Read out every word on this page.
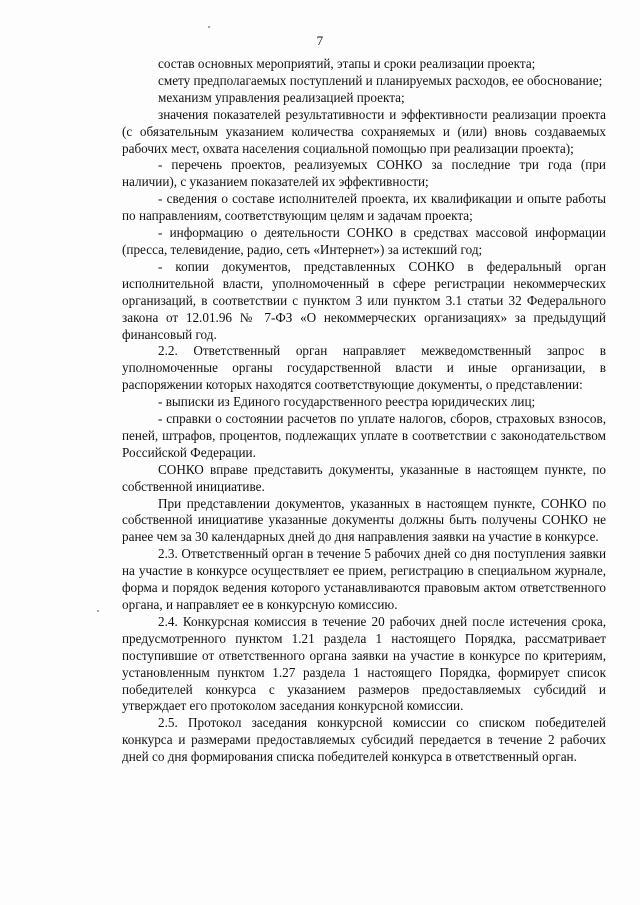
7

состав основных мероприятий, этапы и сроки реализации проекта;

смету предполагаемых поступлений и планируемых расходов, ее обоснование;

механизм управления реализацией проекта;

значения показателей результативности и эффективности реализации проекта (с обязательным указанием количества сохраняемых и (или) вновь создаваемых рабочих мест, охвата населения социальной помощью при реализации проекта);

- перечень проектов, реализуемых СОНКО за последние три года (при наличии), с указанием показателей их эффективности;

- сведения о составе исполнителей проекта, их квалификации и опыте работы по направлениям, соответствующим целям и задачам проекта;

- информацию о деятельности СОНКО в средствах массовой информации (пресса, телевидение, радио, сеть «Интернет») за истекший год;

- копии документов, представленных СОНКО в федеральный орган исполнительной власти, уполномоченный в сфере регистрации некоммерческих организаций, в соответствии с пунктом 3 или пунктом 3.1 статьи 32 Федерального закона от 12.01.96 № 7-ФЗ «О некоммерческих организациях» за предыдущий финансовый год.

2.2. Ответственный орган направляет межведомственный запрос в уполномоченные органы государственной власти и иные организации, в распоряжении которых находятся соответствующие документы, о представлении:

- выписки из Единого государственного реестра юридических лиц;

- справки о состоянии расчетов по уплате налогов, сборов, страховых взносов, пеней, штрафов, процентов, подлежащих уплате в соответствии с законодательством Российской Федерации.

СОНКО вправе представить документы, указанные в настоящем пункте, по собственной инициативе.

При представлении документов, указанных в настоящем пункте, СОНКО по собственной инициативе указанные документы должны быть получены СОНКО не ранее чем за 30 календарных дней до дня направления заявки на участие в конкурсе.

2.3. Ответственный орган в течение 5 рабочих дней со дня поступления заявки на участие в конкурсе осуществляет ее прием, регистрацию в специальном журнале, форма и порядок ведения которого устанавливаются правовым актом ответственного органа, и направляет ее в конкурсную комиссию.

2.4. Конкурсная комиссия в течение 20 рабочих дней после истечения срока, предусмотренного пунктом 1.21 раздела 1 настоящего Порядка, рассматривает поступившие от ответственного органа заявки на участие в конкурсе по критериям, установленным пунктом 1.27 раздела 1 настоящего Порядка, формирует список победителей конкурса с указанием размеров предоставляемых субсидий и утверждает его протоколом заседания конкурсной комиссии.

2.5. Протокол заседания конкурсной комиссии со списком победителей конкурса и размерами предоставляемых субсидий передается в течение 2 рабочих дней со дня формирования списка победителей конкурса в ответственный орган.
